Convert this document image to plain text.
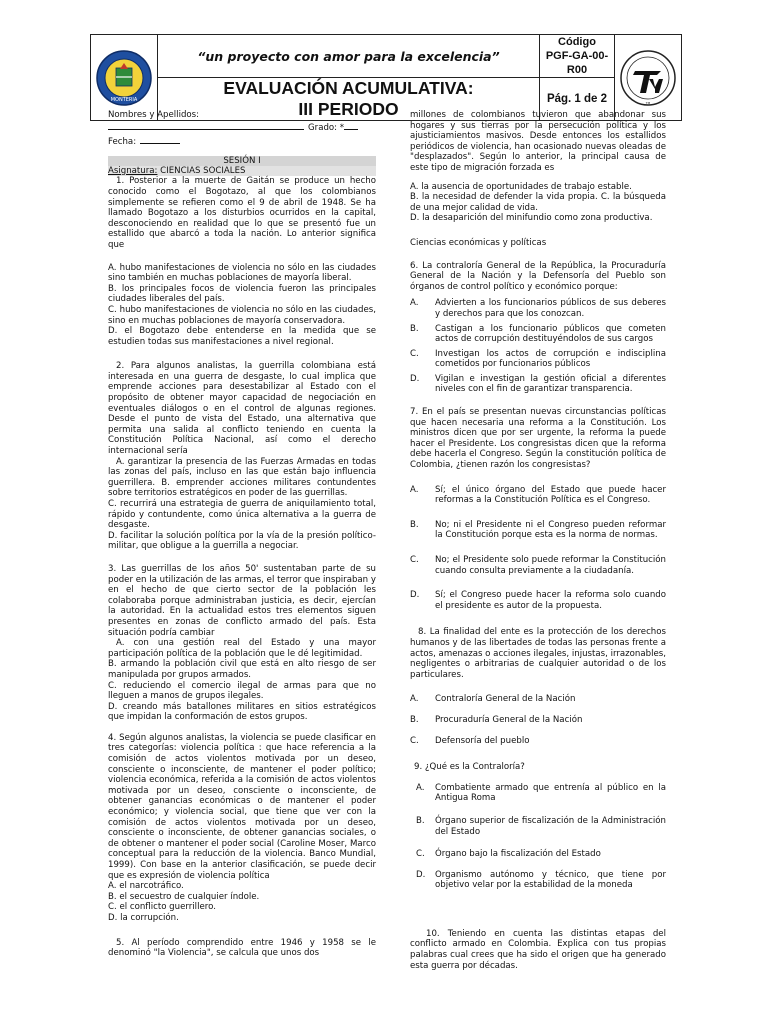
MONTERIA	“un proyecto con amor para la excelencia”	Código
PGF-GA-00-R00	TM

	EVALUACIÓN ACUMULATIVA:
III PERIODO	Pág. 1 de 2	
Nombres y Apellidos:
Grado: *
Fecha:
SESIÓN I
Asignatura: CIENCIAS SOCIALES

1. Posterior a la muerte de Gaitán se produce un hecho conocido como el Bogotazo, al que los colombianos simplemente se refieren como el 9 de abril de 1948. Se ha llamado Bogotazo a los disturbios ocurridos en la capital, desconociendo en realidad que lo que se presentó fue un estallido que abarcó a toda la nación. Lo anterior significa que

A. hubo manifestaciones de violencia no sólo en las ciudades sino también en muchas poblaciones de mayoría liberal.

B. los principales focos de violencia fueron las principales ciudades liberales del país.

C. hubo manifestaciones de violencia no sólo en las ciudades, sino en muchas poblaciones de mayoría conservadora.

D. el Bogotazo debe entenderse en la medida que se estudien todas sus manifestaciones a nivel regional.

2. Para algunos analistas, la guerrilla colombiana está interesada en una guerra de desgaste, lo cual implica que emprende acciones para desestabilizar al Estado con el propósito de obtener mayor capacidad de negociación en eventuales diálogos o en el control de algunas regiones. Desde el punto de vista del Estado, una alternativa que permita una salida al conflicto teniendo en cuenta la Constitución Política Nacional, así como el derecho internacional sería

A. garantizar la presencia de las Fuerzas Armadas en todas las zonas del país, incluso en las que están bajo influencia guerrillera. B. emprender acciones militares contundentes sobre territorios estratégicos en poder de las guerrillas.

C. recurrirá una estrategia de guerra de aniquilamiento total, rápido y contundente, como única alternativa a la guerra de desgaste.

D. facilitar la solución política por la vía de la presión político-militar, que obligue a la guerrilla a negociar.

3. Las guerrillas de los años 50' sustentaban parte de su poder en la utilización de las armas, el terror que inspiraban y en el hecho de que cierto sector de la población les colaboraba porque administraban justicia, es decir, ejercían la autoridad. En la actualidad estos tres elementos siguen presentes en zonas de conflicto armado del país. Esta situación podría cambiar

A. con una gestión real del Estado y una mayor participación política de la población que le dé legitimidad.

B. armando la población civil que está en alto riesgo de ser manipulada por grupos armados.

C. reduciendo el comercio ilegal de armas para que no lleguen a manos de grupos ilegales.

D. creando más batallones militares en sitios estratégicos que impidan la conformación de estos grupos.

4. Según algunos analistas, la violencia se puede clasificar en tres categorías: violencia política : que hace referencia a la comisión de actos violentos motivada por un deseo, consciente o inconsciente, de mantener el poder político; violencia económica, referida a la comisión de actos violentos motivada por un deseo, consciente o inconsciente, de obtener ganancias económicas o de mantener el poder económico; y violencia social, que tiene que ver con la comisión de actos violentos motivada por un deseo, consciente o inconsciente, de obtener ganancias sociales, o de obtener o mantener el poder social (Caroline Moser, Marco conceptual para la reducción de la violencia. Banco Mundial, 1999). Con base en la anterior clasificación, se puede decir que es expresión de violencia política

A. el narcotráfico.

B. el secuestro de cualquier índole.

C. el conflicto guerrillero.

D. la corrupción.

5. Al período comprendido entre 1946 y 1958 se le denominó "la Violencia", se calcula que unos dos

millones de colombianos tuvieron que abandonar sus hogares y sus tierras por la persecución política y los ajusticiamientos masivos. Desde entonces los estallidos periódicos de violencia, han ocasionado nuevas oleadas de "desplazados". Según lo anterior, la principal causa de este tipo de migración forzada es

A. la ausencia de oportunidades de trabajo estable.

B. la necesidad de defender la vida propia. C. la búsqueda de una mejor calidad de vida.

D. la desaparición del minifundio como zona productiva.

Ciencias económicas y políticas

6. La contraloría General de la República, la Procuraduría General de la Nación y la Defensoría del Pueblo son órganos de control político y económico porque:

A.	Advierten a los funcionarios públicos de sus deberes y derechos para que los conozcan.
B.	Castigan a los funcionario públicos que cometen actos de corrupción destituyéndolos de sus cargos
C.	Investigan los actos de corrupción e indisciplina cometidos por funcionarios públicos
D.	Vigilan e investigan la gestión oficial a diferentes niveles con el fin de garantizar transparencia.

7. En el país se presentan nuevas circunstancias políticas que hacen necesaria una reforma a la Constitución. Los ministros dicen que por ser urgente, la reforma la puede hacer el Presidente. Los congresistas dicen que la reforma debe hacerla el Congreso. Según la constitución política de Colombia, ¿tienen razón los congresistas?

A.	Sí; el único órgano del Estado que puede hacer reformas a la Constitución Política es el Congreso.
B.	No; ni el Presidente ni el Congreso pueden reformar la Constitución porque esta es la norma de normas.
C.	No; el Presidente solo puede reformar la Constitución cuando consulta previamente a la ciudadanía.
D.	Sí; el Congreso puede hacer la reforma solo cuando el presidente es autor de la propuesta.

8. La finalidad del ente es la protección de los derechos humanos y de las libertades de todas las personas frente a actos, amenazas o acciones ilegales, injustas, irrazonables, negligentes o arbitrarias de cualquier autoridad o de los particulares.

A.	Contraloría General de la Nación
B.	Procuraduría General de la Nación
C.	Defensoría del pueblo

9. ¿Qué es la Contraloría?

A.	Combatiente armado que entrenía al público en la Antigua Roma
B.	Órgano superior de fiscalización de la Administración del Estado
C.	Órgano bajo la fiscalización del Estado
D.	Organismo autónomo y técnico, que tiene por objetivo velar por la estabilidad de la moneda

10. Teniendo en cuenta las distintas etapas del conflicto armado en Colombia. Explica con tus propias palabras cual crees que ha sido el origen que ha generado esta guerra por décadas.
